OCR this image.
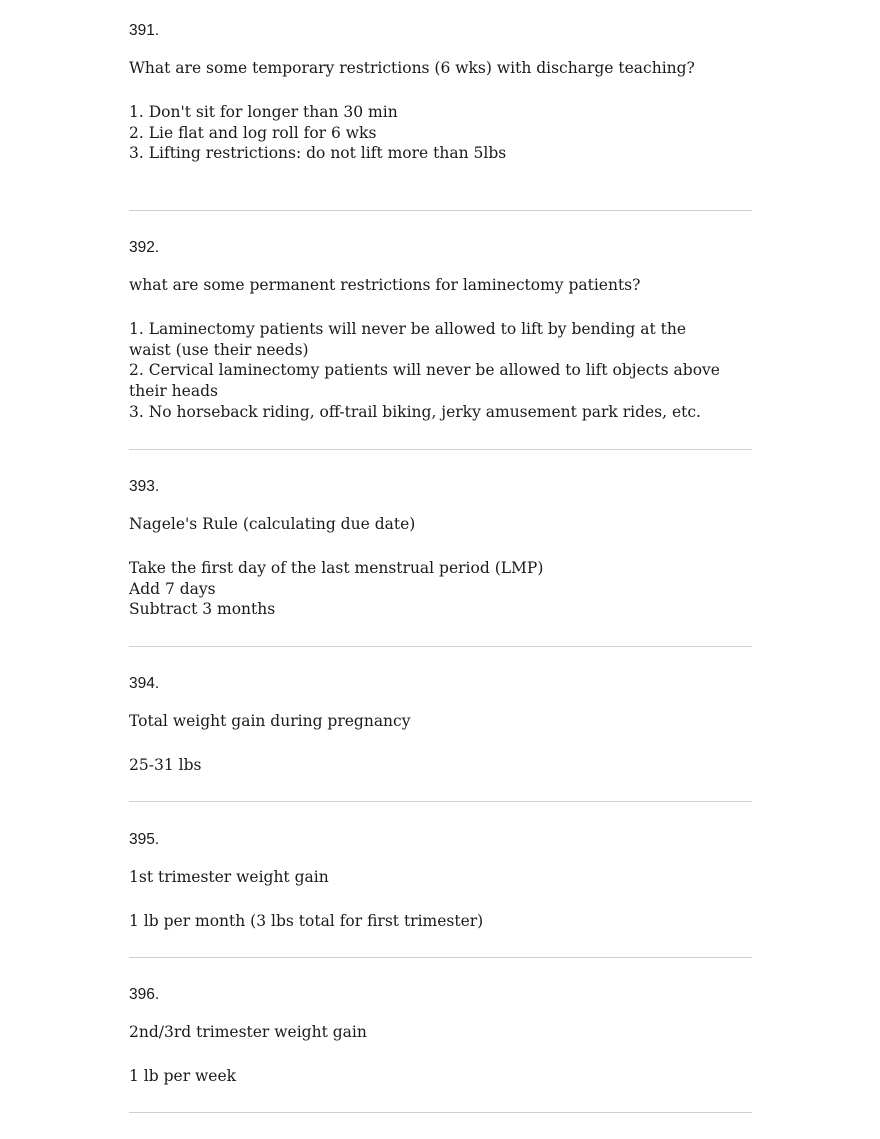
391.

What are some temporary restrictions (6 wks) with discharge teaching?

1. Don't sit for longer than 30 min
2. Lie flat and log roll for 6 wks
3. Lifting restrictions: do not lift more than 5lbs

392.

what are some permanent restrictions for laminectomy patients?

1. Laminectomy patients will never be allowed to lift by bending at the waist (use their needs)
2. Cervical laminectomy patients will never be allowed to lift objects above their heads
3. No horseback riding, off-trail biking, jerky amusement park rides, etc.

393.

Nagele's Rule (calculating due date)

Take the first day of the last menstrual period (LMP)
Add 7 days
Subtract 3 months

394.

Total weight gain during pregnancy

25-31 lbs

395.

1st trimester weight gain

1 lb per month (3 lbs total for first trimester)

396.

2nd/3rd trimester weight gain

1 lb per week
